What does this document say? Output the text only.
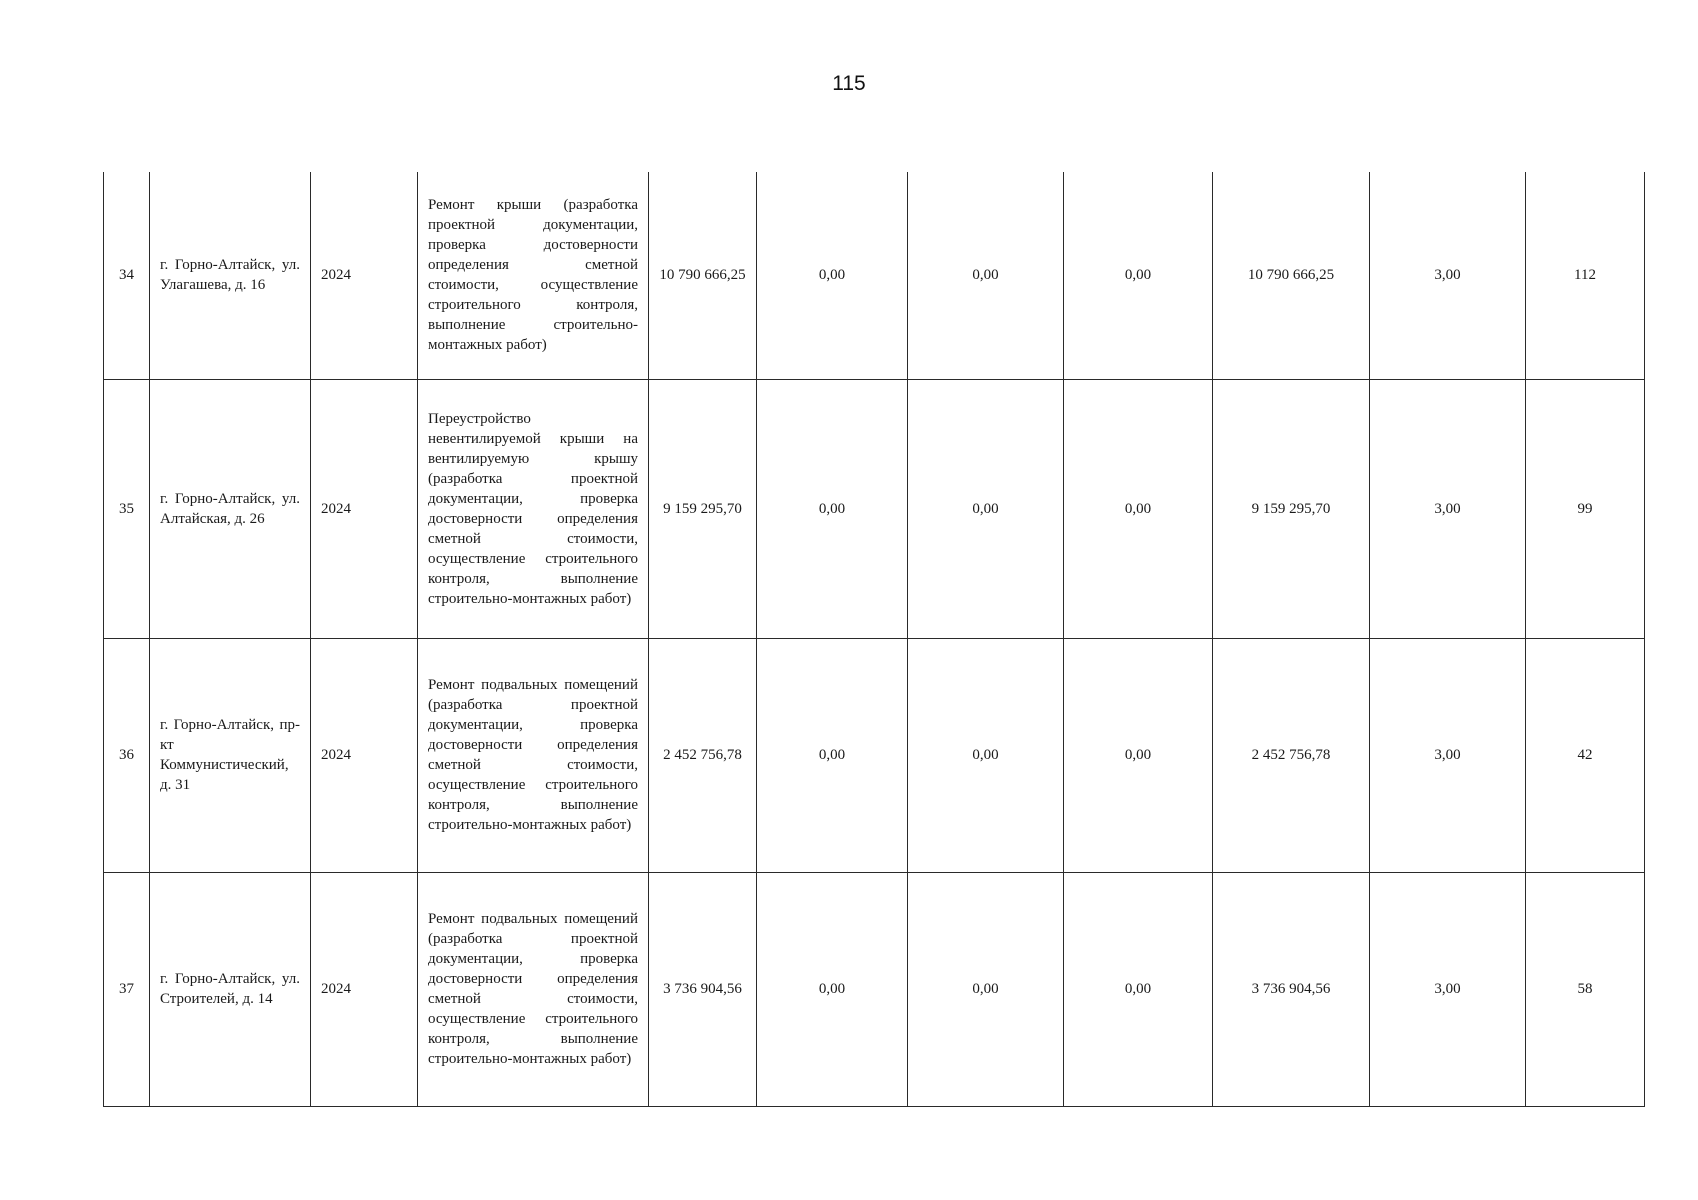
115
34	г. Горно-Алтайск, ул. Улагашева, д. 16	2024	Ремонт крыши (разработка проектной документации, проверка достоверности определения сметной стоимости, осуществление строительного контроля, выполнение строительно-монтажных работ)	10 790 666,25	0,00	0,00	0,00	10 790 666,25	3,00	112
35	г. Горно-Алтайск, ул. Алтайская, д. 26	2024	Переустройство невентилируемой крыши на вентилируемую крышу (разработка проектной документации, проверка достоверности определения сметной стоимости, осуществление строительного контроля, выполнение строительно-монтажных работ)	9 159 295,70	0,00	0,00	0,00	9 159 295,70	3,00	99
36	г. Горно-Алтайск, пр-кт Коммунистический, д. 31	2024	Ремонт подвальных помещений (разработка проектной документации, проверка достоверности определения сметной стоимости, осуществление строительного контроля, выполнение строительно-монтажных работ)	2 452 756,78	0,00	0,00	0,00	2 452 756,78	3,00	42
37	г. Горно-Алтайск, ул. Строителей, д. 14	2024	Ремонт подвальных помещений (разработка проектной документации, проверка достоверности определения сметной стоимости, осуществление строительного контроля, выполнение строительно-монтажных работ)	3 736 904,56	0,00	0,00	0,00	3 736 904,56	3,00	58
